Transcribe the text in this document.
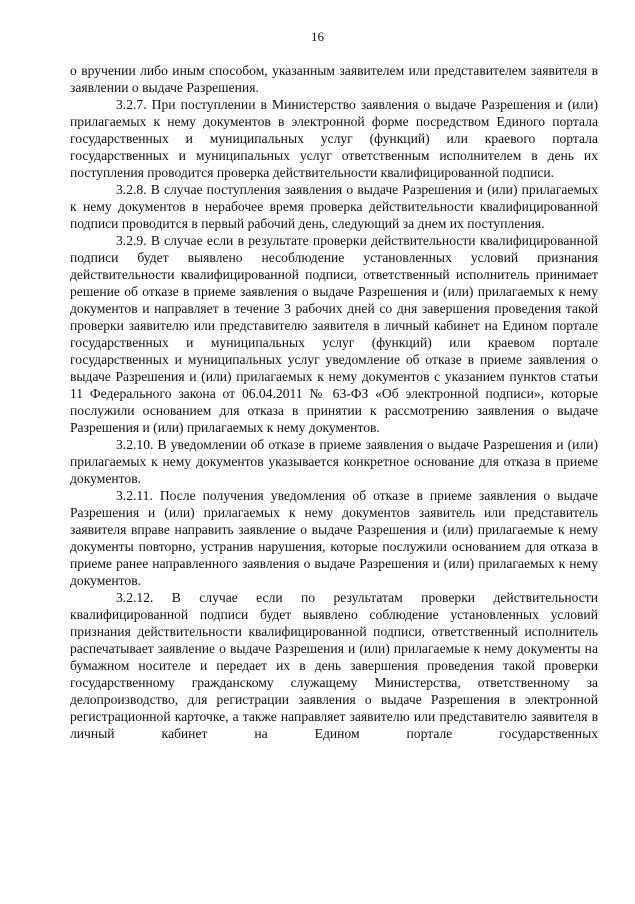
16

о вручении либо иным способом, указанным заявителем или представителем заявителя в заявлении о выдаче Разрешения.

3.2.7. При поступлении в Министерство заявления о выдаче Разрешения и (или) прилагаемых к нему документов в электронной форме посредством Единого портала государственных и муниципальных услуг (функций) или краевого портала государственных и муниципальных услуг ответственным исполнителем в день их поступления проводится проверка действительности квалифицированной подписи.

3.2.8. В случае поступления заявления о выдаче Разрешения и (или) прилагаемых к нему документов в нерабочее время проверка действительности квалифицированной подписи проводится в первый рабочий день, следующий за днем их поступления.

3.2.9. В случае если в результате проверки действительности квалифицированной подписи будет выявлено несоблюдение установленных условий признания действительности квалифицированной подписи, ответственный исполнитель принимает решение об отказе в приеме заявления о выдаче Разрешения и (или) прилагаемых к нему документов и направляет в течение 3 рабочих дней со дня завершения проведения такой проверки заявителю или представителю заявителя в личный кабинет на Едином портале государственных и муниципальных услуг (функций) или краевом портале государственных и муниципальных услуг уведомление об отказе в приеме заявления о выдаче Разрешения и (или) прилагаемых к нему документов с указанием пунктов статьи 11 Федерального закона от 06.04.2011 № 63-ФЗ «Об электронной подписи», которые послужили основанием для отказа в принятии к рассмотрению заявления о выдаче Разрешения и (или) прилагаемых к нему документов.

3.2.10. В уведомлении об отказе в приеме заявления о выдаче Разрешения и (или) прилагаемых к нему документов указывается конкретное основание для отказа в приеме документов.

3.2.11. После получения уведомления об отказе в приеме заявления о выдаче Разрешения и (или) прилагаемых к нему документов заявитель или представитель заявителя вправе направить заявление о выдаче Разрешения и (или) прилагаемые к нему документы повторно, устранив нарушения, которые послужили основанием для отказа в приеме ранее направленного заявления о выдаче Разрешения и (или) прилагаемых к нему документов.

3.2.12. В случае если по результатам проверки действительности квалифицированной подписи будет выявлено соблюдение установленных условий признания действительности квалифицированной подписи, ответственный исполнитель распечатывает заявление о выдаче Разрешения и (или) прилагаемые к нему документы на бумажном носителе и передает их в день завершения проведения такой проверки государственному гражданскому служащему Министерства, ответственному за делопроизводство, для регистрации заявления о выдаче Разрешения в электронной регистрационной карточке, а также направляет заявителю или представителю заявителя в личный кабинет на Едином портале государственных
